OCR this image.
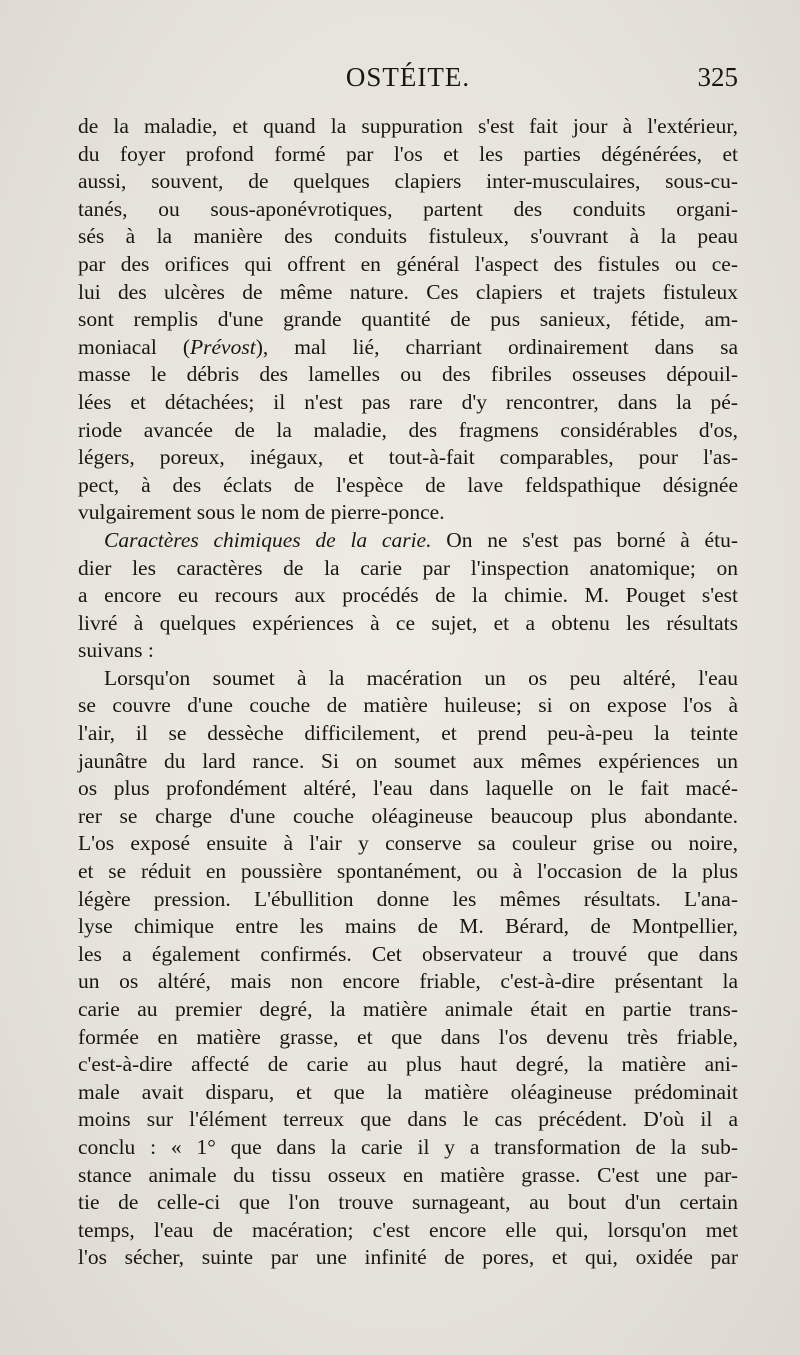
OSTÉITE.	325
de la maladie, et quand la suppuration s'est fait jour à l'extérieur,
du foyer profond formé par l'os et les parties dégénérées, et
aussi, souvent, de quelques clapiers inter-musculaires, sous-cu-
tanés, ou sous-aponévrotiques, partent des conduits organi-
sés à la manière des conduits fistuleux, s'ouvrant à la peau
par des orifices qui offrent en général l'aspect des fistules ou ce-
lui des ulcères de même nature. Ces clapiers et trajets fistuleux
sont remplis d'une grande quantité de pus sanieux, fétide, am-
moniacal (Prévost), mal lié, charriant ordinairement dans sa
masse le débris des lamelles ou des fibriles osseuses dépouil-
lées et détachées; il n'est pas rare d'y rencontrer, dans la pé-
riode avancée de la maladie, des fragmens considérables d'os,
légers, poreux, inégaux, et tout-à-fait comparables, pour l'as-
pect, à des éclats de l'espèce de lave feldspathique désignée
vulgairement sous le nom de pierre-ponce.
Caractères chimiques de la carie. On ne s'est pas borné à étu-
dier les caractères de la carie par l'inspection anatomique; on
a encore eu recours aux procédés de la chimie. M. Pouget s'est
livré à quelques expériences à ce sujet, et a obtenu les résultats
suivans :
Lorsqu'on soumet à la macération un os peu altéré, l'eau
se couvre d'une couche de matière huileuse; si on expose l'os à
l'air, il se dessèche difficilement, et prend peu-à-peu la teinte
jaunâtre du lard rance. Si on soumet aux mêmes expériences un
os plus profondément altéré, l'eau dans laquelle on le fait macé-
rer se charge d'une couche oléagineuse beaucoup plus abondante.
L'os exposé ensuite à l'air y conserve sa couleur grise ou noire,
et se réduit en poussière spontanément, ou à l'occasion de la plus
légère pression. L'ébullition donne les mêmes résultats. L'ana-
lyse chimique entre les mains de M. Bérard, de Montpellier,
les a également confirmés. Cet observateur a trouvé que dans
un os altéré, mais non encore friable, c'est-à-dire présentant la
carie au premier degré, la matière animale était en partie trans-
formée en matière grasse, et que dans l'os devenu très friable,
c'est-à-dire affecté de carie au plus haut degré, la matière ani-
male avait disparu, et que la matière oléagineuse prédominait
moins sur l'élément terreux que dans le cas précédent. D'où il a
conclu : « 1° que dans la carie il y a transformation de la sub-
stance animale du tissu osseux en matière grasse. C'est une par-
tie de celle-ci que l'on trouve surnageant, au bout d'un certain
temps, l'eau de macération; c'est encore elle qui, lorsqu'on met
l'os sécher, suinte par une infinité de pores, et qui, oxidée par
